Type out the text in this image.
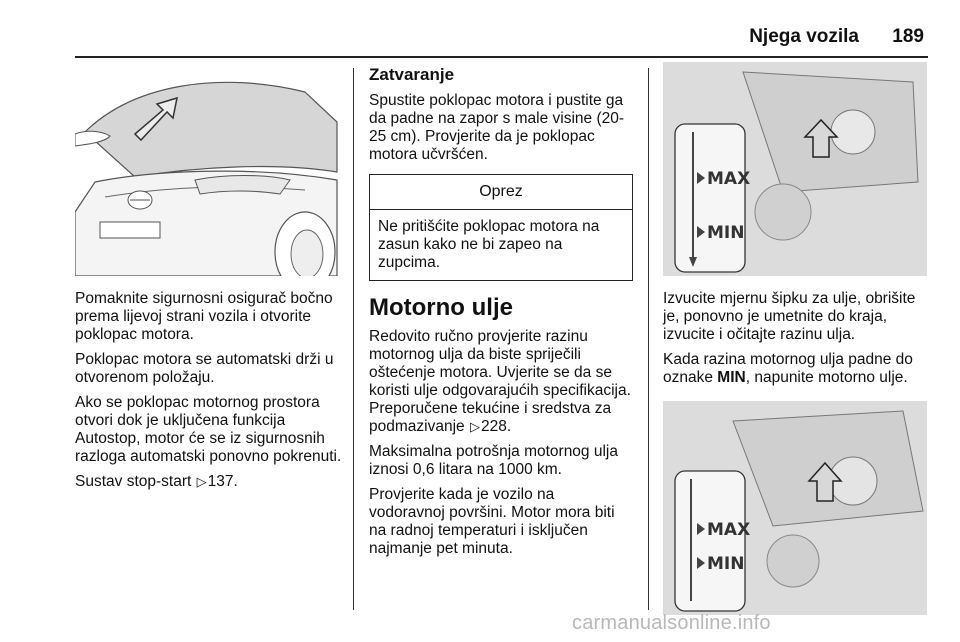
Njega vozila 189

Pomaknite sigurnosni osigurač bočno prema lijevoj strani vozila i otvorite poklopac motora.

Poklopac motora se automatski drži u otvorenom položaju.

Ako se poklopac motornog prostora otvori dok je uključena funkcija Autostop, motor će se iz sigurnosnih razloga automatski ponovno pokrenuti.

Sustav stop-start ▷137.

Zatvaranje

Spustite poklopac motora i pustite ga da padne na zapor s male visine (20-25 cm). Provjerite da je poklopac motora učvršćen.

Oprez
Ne pritišćite poklopac motora na zasun kako ne bi zapeo na zupcima.
Motorno ulje

Redovito ručno provjerite razinu motornog ulja da biste spriječili oštećenje motora. Uvjerite se da se koristi ulje odgovarajućih specifikacija. Preporučene tekućine i sredstva za podmazivanje ▷228.

Maksimalna potrošnja motornog ulja iznosi 0,6 litara na 1000 km.

Provjerite kada je vozilo na vodoravnoj površini. Motor mora biti na radnoj temperaturi i isključen najmanje pet minuta.

MAX
MIN

Izvucite mjernu šipku za ulje, obrišite je, ponovno je umetnite do kraja, izvucite i očitajte razinu ulja.

Kada razina motornog ulja padne do oznake MIN, napunite motorno ulje.

MAX
MIN
carmanualsonline.info
